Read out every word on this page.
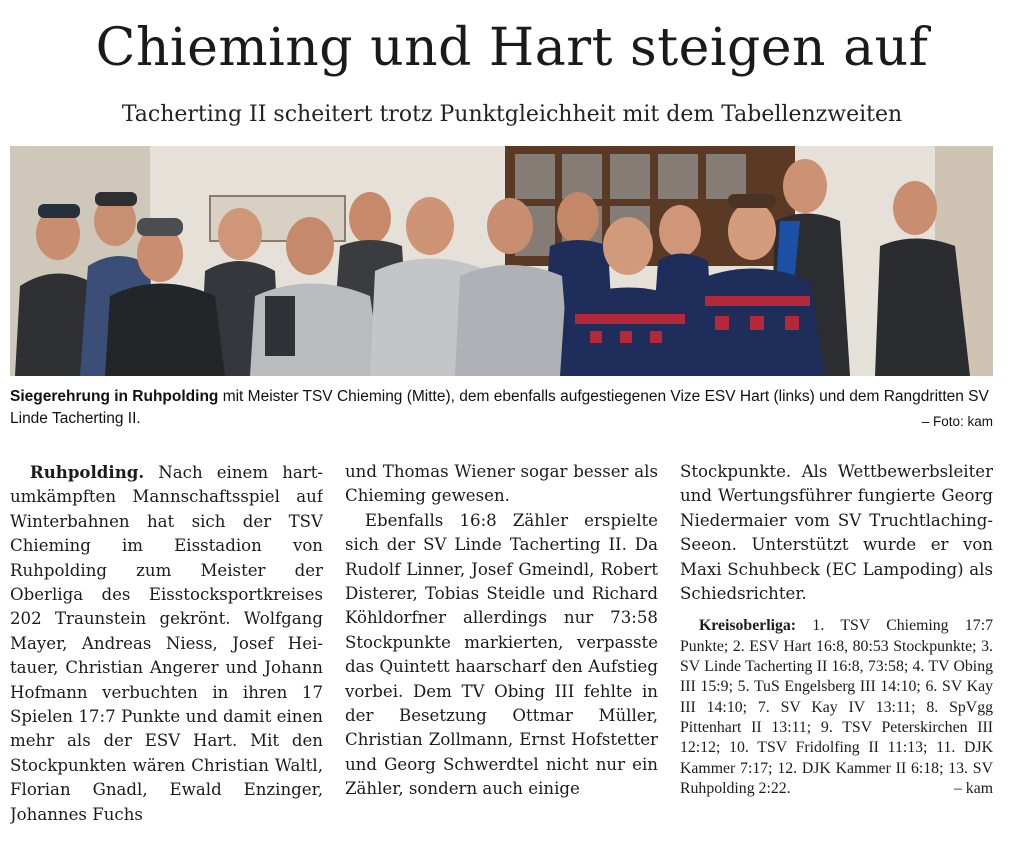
Chieming und Hart steigen auf
Tacherting II scheitert trotz Punktgleichheit mit dem Tabellenzweiten
Siegerehrung in Ruhpolding mit Meister TSV Chieming (Mitte), dem ebenfalls aufgestiegenen Vize ESV Hart (links) und dem Rangdritten SV Linde Tacherting II.	– Foto: kam

Ruhpolding. Nach einem hartumkämpften Mannschaftsspiel auf Winterbahnen hat sich der TSV Chieming im Eisstadion von Ruhpolding zum Meister der Oberliga des Eisstocksportkreises 202 Traunstein gekrönt. Wolfgang Mayer, Andreas Niess, Josef Heitauer, Christian Angerer und Johann Hofmann verbuchten in ihren 17 Spielen 17:7 Punkte und damit einen mehr als der ESV Hart. Mit den Stockpunkten wären Christian Waltl, Florian Gnadl, Ewald Enzinger, Johannes Fuchs

und Thomas Wiener sogar besser als Chieming gewesen.

Ebenfalls 16:8 Zähler erspielte sich der SV Linde Tacherting II. Da Rudolf Linner, Josef Gmeindl, Robert Disterer, Tobias Steidle und Richard Köhldorfner allerdings nur 73:58 Stockpunkte markierten, verpasste das Quintett haarscharf den Aufstieg vorbei. Dem TV Obing III fehlte in der Besetzung Ottmar Müller, Christian Zollmann, Ernst Hofstetter und Georg Schwerdtel nicht nur ein Zähler, sondern auch einige

Stockpunkte. Als Wettbewerbsleiter und Wertungsführer fungierte Georg Niedermaier vom SV Truchtlaching-Seeon. Unterstützt wurde er von Maxi Schuhbeck (EC Lampoding) als Schiedsrichter.

Kreisoberliga: 1. TSV Chieming 17:7 Punkte; 2. ESV Hart 16:8, 80:53 Stockpunkte; 3. SV Linde Tacherting II 16:8, 73:58; 4. TV Obing III 15:9; 5. TuS Engelsberg III 14:10; 6. SV Kay III 14:10; 7. SV Kay IV 13:11; 8. SpVgg Pittenhart II 13:11; 9. TSV Peterskirchen III 12:12; 10. TSV Fridolfing II 11:13; 11. DJK Kammer 7:17; 12. DJK Kammer II 6:18; 13. SV Ruhpolding 2:22.	– kam
